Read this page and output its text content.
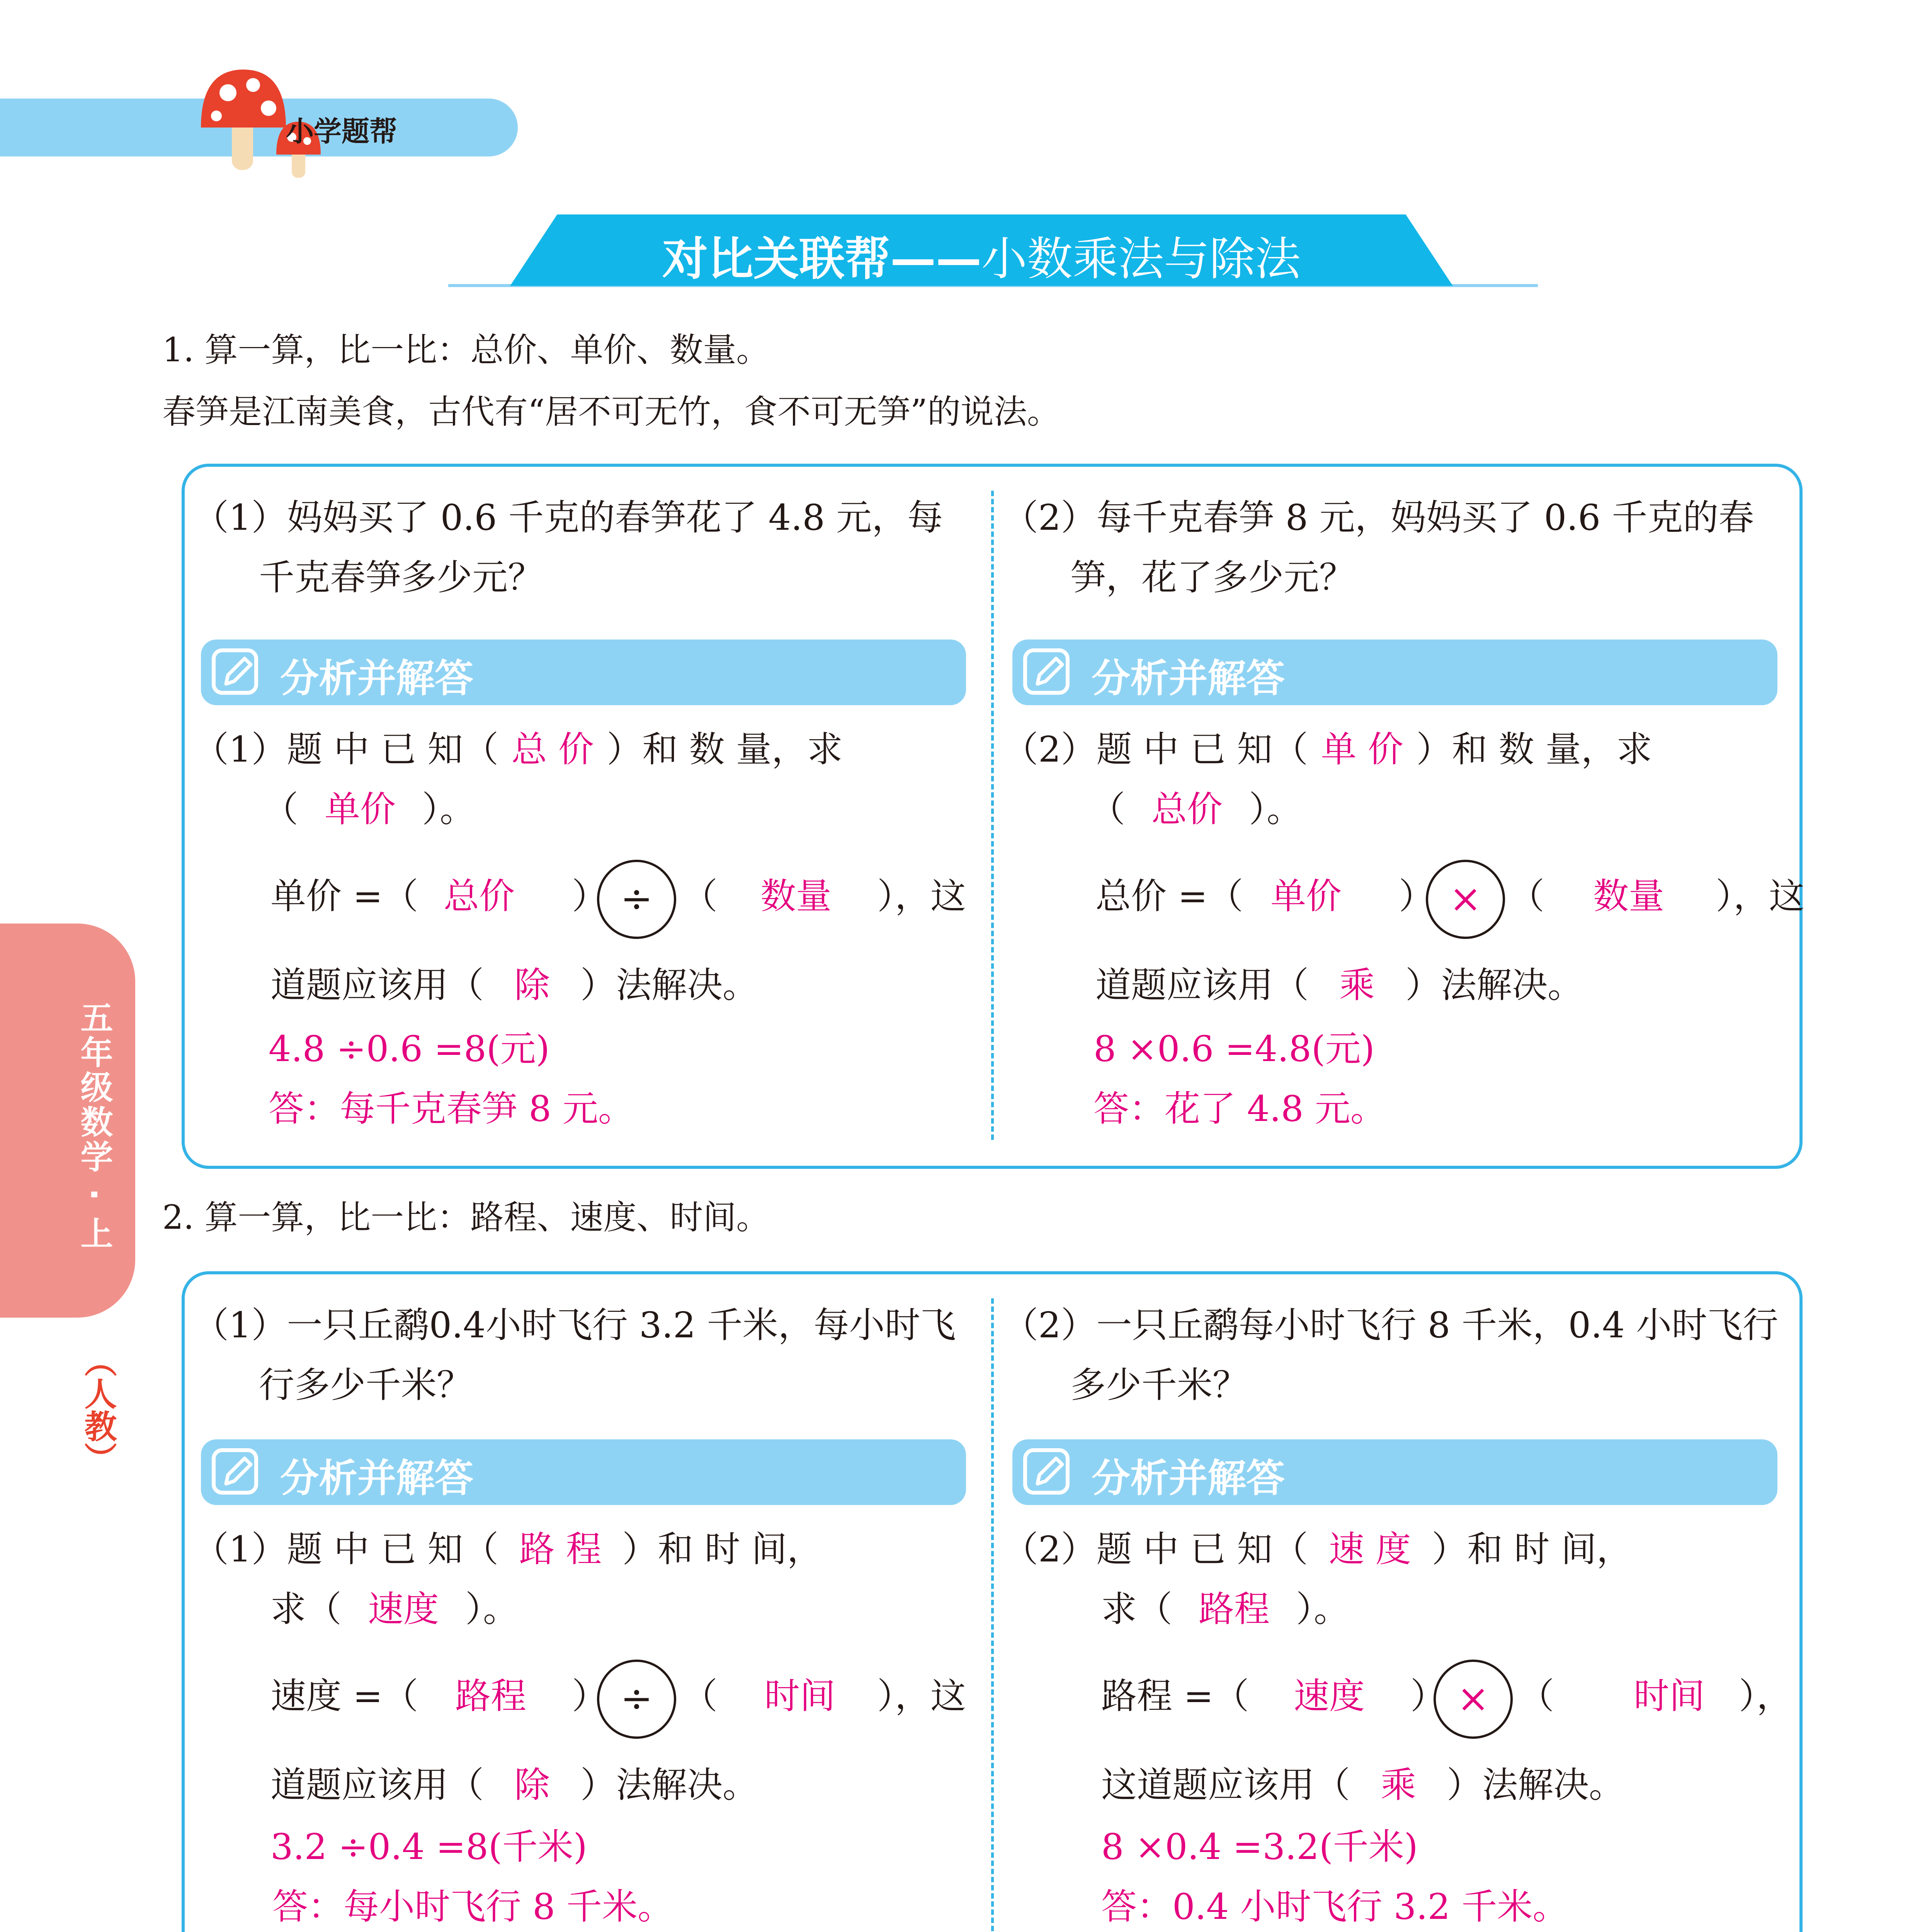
小学题帮
对比关联帮——小数乘法与除法
五年级数学 · 上
（人教）
1. 算一算，比一比：总价、单价、数量。
春笋是江南美食，古代有“居不可无竹，食不可无笋”的说法。
（1）妈妈买了 0.6 千克的春笋花了 4.8 元，每
千克春笋多少元？
分析并解答
（1）题 中 已 知（ 总 价 ）和 数 量，求
（ 单价 ）。
单价 =（ 总价	） ÷ （	数量	），这
道题应该用（ 除 ）法解决。
4.8 ÷0.6 =8(元)
答：每千克春笋 8 元。
（2）每千克春笋 8 元，妈妈买了 0.6 千克的春
笋，花了多少元？
分析并解答
（2）题 中 已 知（ 单 价 ）和 数 量，求
（ 总价 ）。
总价 =（ 单价	） × （	数量	），这
道题应该用（ 乘 ）法解决。
8 ×0.6 =4.8(元)
答：花了 4.8 元。
2. 算一算，比一比：路程、速度、时间。
（1）一只丘鹬0.4小时飞行 3.2 千米，每小时飞
行多少千米？
分析并解答
（1）题 中 已 知（ 路 程 ）和 时 间，
求（ 速度 ）。
速度 =（	路程	） ÷ （	时间	），这
道题应该用（ 除 ）法解决。
3.2 ÷0.4 =8(千米)
答：每小时飞行 8 千米。
（2）一只丘鹬每小时飞行 8 千米，0.4 小时飞行
多少千米？
分析并解答
（2）题 中 已 知（ 速 度 ）和 时 间，
求（ 路程 ）。
路程 =（	速度	） × （	时间 ），
这道题应该用（ 乘 ）法解决。
8 ×0.4 =3.2(千米)
答：0.4 小时飞行 3.2 千米。
